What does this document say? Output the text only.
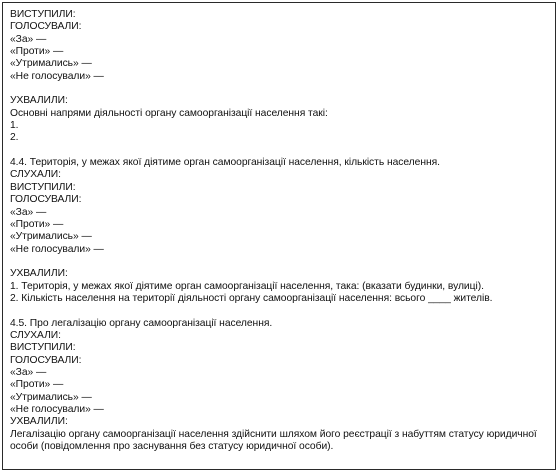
ВИСТУПИЛИ:
ГОЛОСУВАЛИ:
«За» —
«Проти» —
«Утримались» —
«Не голосували» —
УХВАЛИЛИ:
Основні напрями діяльності органу самоорганізації населення такі:
1.
2.
4.4. Територія, у межах якої діятиме орган самоорганізації населення, кількість населення.
СЛУХАЛИ:
ВИСТУПИЛИ:
ГОЛОСУВАЛИ:
«За» —
«Проти» —
«Утримались» —
«Не голосували» —
УХВАЛИЛИ:
1. Територія, у межах якої діятиме орган самоорганізації населення, така: (вказати будинки, вулиці).
2. Кількість населення на території діяльності органу самоорганізації населення: всього ____ жителів.
4.5. Про легалізацію органу самоорганізації населення.
СЛУХАЛИ:
ВИСТУПИЛИ:
ГОЛОСУВАЛИ:
«За» —
«Проти» —
«Утримались» —
«Не голосували» —
УХВАЛИЛИ:
Легалізацію органу самоорганізації населення здійснити шляхом його реєстрації з набуттям статусу юридичної особи (повідомлення про заснування без статусу юридичної особи).
